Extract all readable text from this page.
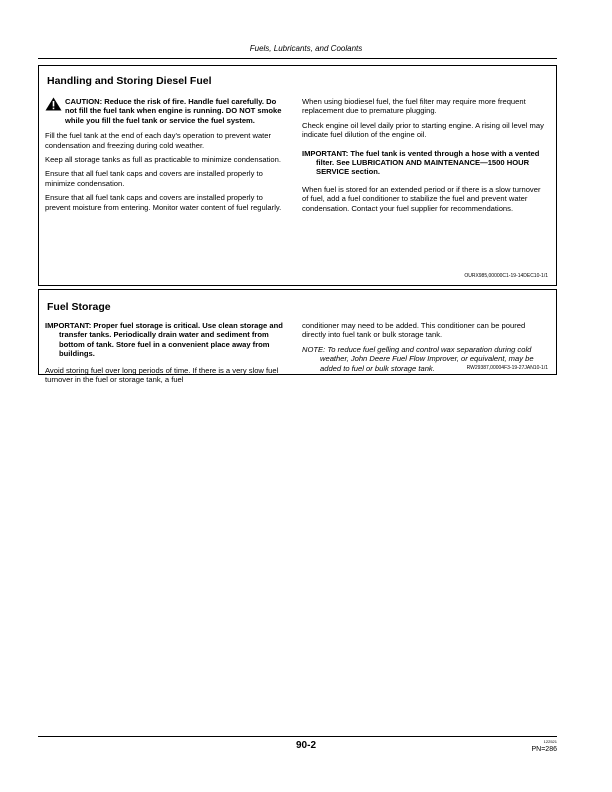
Fuels, Lubricants, and Coolants
Handling and Storing Diesel Fuel
CAUTION: Reduce the risk of fire. Handle fuel carefully. Do not fill the fuel tank when engine is running. DO NOT smoke while you fill the fuel tank or service the fuel system.

Fill the fuel tank at the end of each day's operation to prevent water condensation and freezing during cold weather.

Keep all storage tanks as full as practicable to minimize condensation.

Ensure that all fuel tank caps and covers are installed properly to minimize condensation.

Ensure that all fuel tank caps and covers are installed properly to prevent moisture from entering. Monitor water content of fuel regularly.

When using biodiesel fuel, the fuel filter may require more frequent replacement due to premature plugging.

Check engine oil level daily prior to starting engine. A rising oil level may indicate fuel dilution of the engine oil.

IMPORTANT: The fuel tank is vented through a hose with a vented filter. See LUBRICATION AND MAINTENANCE—1500 HOUR SERVICE section.

When fuel is stored for an extended period or if there is a slow turnover of fuel, add a fuel conditioner to stabilize the fuel and prevent water condensation. Contact your fuel supplier for recommendations.

OURX985,00000C1-19-14DEC10-1/1
Fuel Storage

IMPORTANT: Proper fuel storage is critical. Use clean storage and transfer tanks. Periodically drain water and sediment from bottom of tank. Store fuel in a convenient place away from buildings.

Avoid storing fuel over long periods of time. If there is a very slow fuel turnover in the fuel or storage tank, a fuel

conditioner may need to be added. This conditioner can be poured directly into fuel tank or bulk storage tank.

NOTE: To reduce fuel gelling and control wax separation during cold weather, John Deere Fuel Flow Improver, or equivalent, may be added to fuel or bulk storage tank.	RW29387,00004F3-19-27JAN10-1/1
90-2	122521
PN=286
